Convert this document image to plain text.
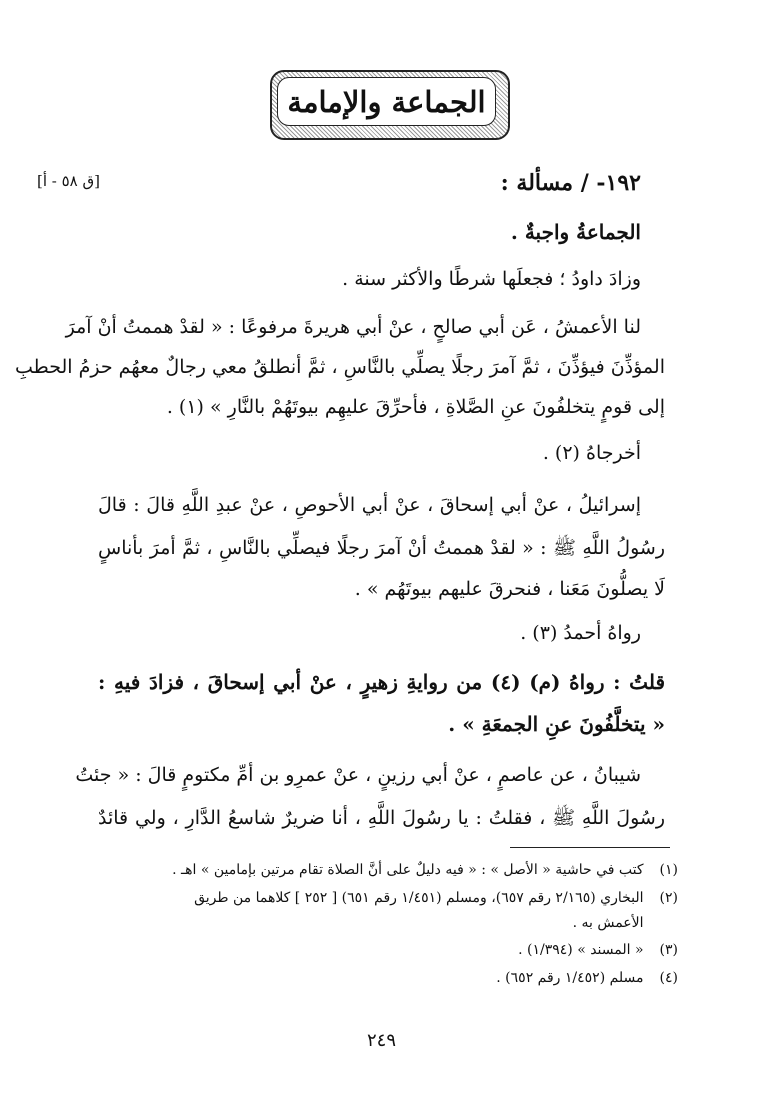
الجماعة والإمامة
[ق ٥٨ - أ]	١٩٢- / مسألة :
الجماعةُ واجبةٌ .
وزادَ داودُ ؛ فجعلَها شرطًا والأكثر سنة .
لنا الأعمشُ ، عَن أبي صالحٍ ، عنْ أبي هريرةَ مرفوعًا : « لقدْ هممتُ أنْ آمرَ
المؤذِّنَ فيؤذِّنَ ، ثمَّ آمرَ رجلًا يصلِّي بالنَّاسِ ، ثمَّ أنطلقُ معي رجالٌ معهُم حزمُ الحطبِ
إلى قومٍ يتخلفُونَ عنِ الصَّلاةِ ، فأحرِّقَ عليهِم بيوتَهُمْ بالنَّارِ » (١) .
أخرجاهُ (٢) .
إسرائيلُ ، عنْ أبي إسحاقَ ، عنْ أبي الأحوصِ ، عنْ عبدِ اللَّهِ قالَ : قالَ
رسُولُ اللَّهِ ﷺ : « لقدْ هممتُ أنْ آمرَ رجلًا فيصلِّي بالنَّاسِ ، ثمَّ أمرَ بأناسٍ
لَا يصلُّونَ مَعَنا ، فنحرقَ عليهم بيوتَهُم » .
رواهُ أحمدُ (٣) .
قلتُ : رواهُ (م) (٤) من روايةِ زهيرٍ ، عنْ أبي إسحاقَ ، فزادَ فيهِ :
« يتخلَّفُونَ عنِ الجمعَةِ » .
شيبانُ ، عن عاصمٍ ، عنْ أبي رزينٍ ، عنْ عمرِو بن أمِّ مكتومٍ قالَ : « جئتُ
رسُولَ اللَّهِ ﷺ ، فقلتُ : يا رسُولَ اللَّهِ ، أنا ضريرٌ شاسعُ الدَّارِ ، ولي قائدٌ
(١) كتب في حاشية « الأصل » : « فيه دليلٌ على أنَّ الصلاة تقام مرتين بإمامين » اهـ .
(٢) البخاري (٢/١٦٥ رقم ٦٥٧)، ومسلم (١/٤٥١ رقم ٦٥١) [ ٢٥٢ ] كلاهما من طريق
الأعمش به .
(٣) « المسند » (١/٣٩٤) .
(٤) مسلم (١/٤٥٢ رقم ٦٥٢) .
٢٤٩
